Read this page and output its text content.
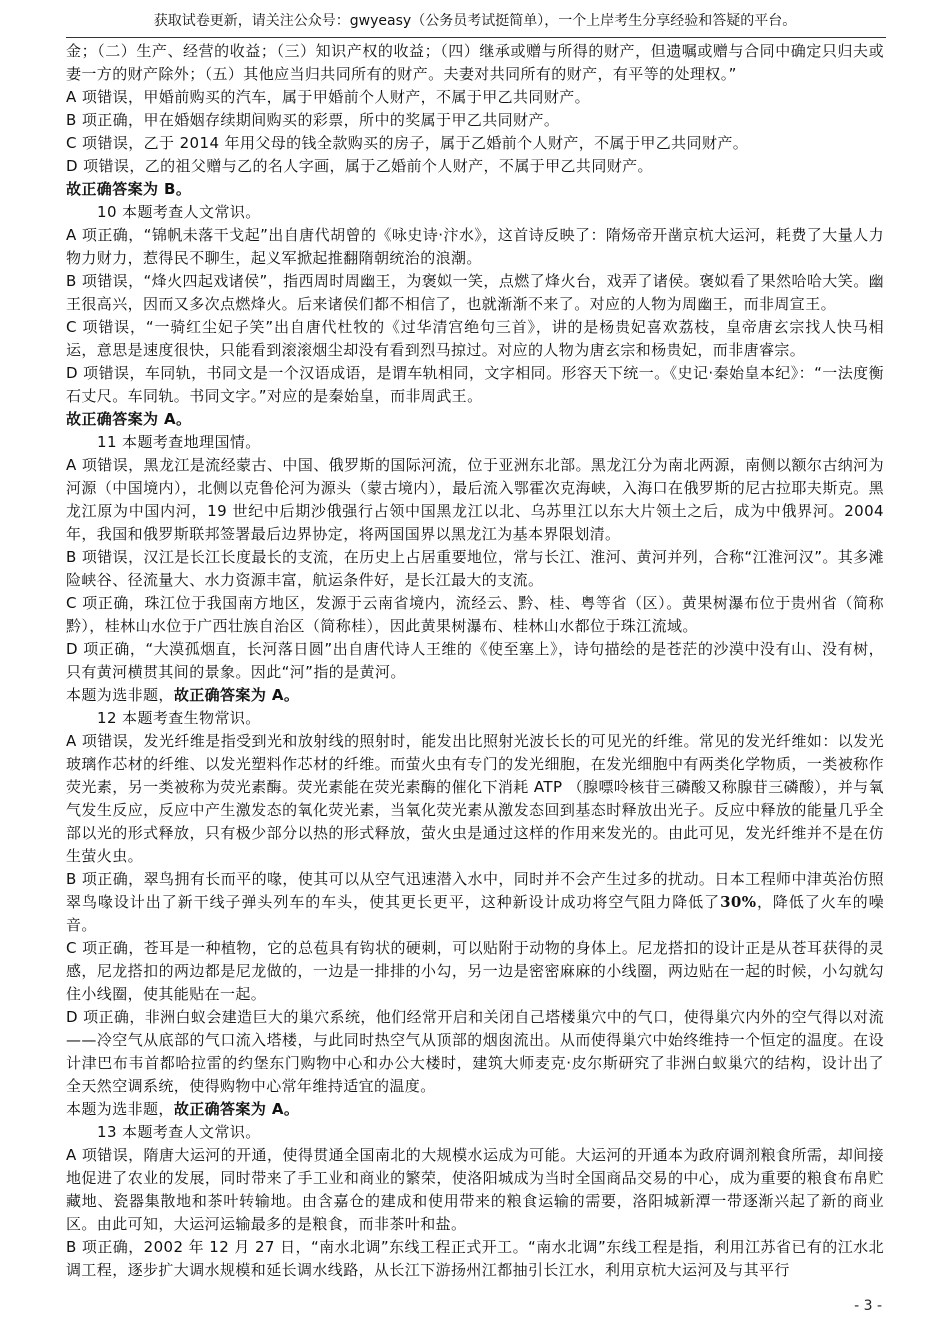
获取试卷更新，请关注公众号：gwyeasy（公务员考试挺简单），一个上岸考生分享经验和答疑的平台。

金；（二）生产、经营的收益；（三）知识产权的收益；（四）继承或赠与所得的财产，但遗嘱或赠与合同中确定只归夫或妻一方的财产除外；（五）其他应当归共同所有的财产。夫妻对共同所有的财产，有平等的处理权。”

A 项错误，甲婚前购买的汽车，属于甲婚前个人财产，不属于甲乙共同财产。

B 项正确，甲在婚姻存续期间购买的彩票，所中的奖属于甲乙共同财产。

C 项错误，乙于 2014 年用父母的钱全款购买的房子，属于乙婚前个人财产，不属于甲乙共同财产。

D 项错误，乙的祖父赠与乙的名人字画，属于乙婚前个人财产，不属于甲乙共同财产。

故正确答案为 B。

10 本题考查人文常识。

A 项正确，“锦帆未落干戈起”出自唐代胡曾的《咏史诗·汴水》，这首诗反映了：隋炀帝开凿京杭大运河，耗费了大量人力物力财力，惹得民不聊生，起义军掀起推翻隋朝统治的浪潮。

B 项错误，“烽火四起戏诸侯”，指西周时周幽王，为褒姒一笑，点燃了烽火台，戏弄了诸侯。褒姒看了果然哈哈大笑。幽王很高兴，因而又多次点燃烽火。后来诸侯们都不相信了，也就渐渐不来了。对应的人物为周幽王，而非周宣王。

C 项错误，“一骑红尘妃子笑”出自唐代杜牧的《过华清宫绝句三首》，讲的是杨贵妃喜欢荔枝，皇帝唐玄宗找人快马相运，意思是速度很快，只能看到滚滚烟尘却没有看到烈马掠过。对应的人物为唐玄宗和杨贵妃，而非唐睿宗。

D 项错误，车同轨，书同文是一个汉语成语，是谓车轨相同，文字相同。形容天下统一。《史记·秦始皇本纪》：“一法度衡石丈尺。车同轨。书同文字。”对应的是秦始皇，而非周武王。

故正确答案为 A。

11 本题考查地理国情。

A 项错误，黑龙江是流经蒙古、中国、俄罗斯的国际河流，位于亚洲东北部。黑龙江分为南北两源，南侧以额尔古纳河为河源（中国境内），北侧以克鲁伦河为源头（蒙古境内），最后流入鄂霍次克海峡，入海口在俄罗斯的尼古拉耶夫斯克。黑龙江原为中国内河，19 世纪中后期沙俄强行占领中国黑龙江以北、乌苏里江以东大片领土之后，成为中俄界河。2004 年，我国和俄罗斯联邦签署最后边界协定，将两国国界以黑龙江为基本界限划清。

B 项错误，汉江是长江长度最长的支流，在历史上占居重要地位，常与长江、淮河、黄河并列，合称“江淮河汉”。其多滩险峡谷、径流量大、水力资源丰富，航运条件好，是长江最大的支流。

C 项正确，珠江位于我国南方地区，发源于云南省境内，流经云、黔、桂、粤等省（区）。黄果树瀑布位于贵州省（简称黔），桂林山水位于广西壮族自治区（简称桂），因此黄果树瀑布、桂林山水都位于珠江流域。

D 项正确，“大漠孤烟直，长河落日圆”出自唐代诗人王维的《使至塞上》，诗句描绘的是苍茫的沙漠中没有山、没有树，只有黄河横贯其间的景象。因此“河”指的是黄河。

本题为选非题，故正确答案为 A。

12 本题考查生物常识。

A 项错误，发光纤维是指受到光和放射线的照射时，能发出比照射光波长长的可见光的纤维。常见的发光纤维如：以发光玻璃作芯材的纤维、以发光塑料作芯材的纤维。而萤火虫有专门的发光细胞，在发光细胞中有两类化学物质，一类被称作荧光素，另一类被称为荧光素酶。荧光素能在荧光素酶的催化下消耗 ATP （腺嘌呤核苷三磷酸又称腺苷三磷酸），并与氧气发生反应，反应中产生激发态的氧化荧光素，当氧化荧光素从激发态回到基态时释放出光子。反应中释放的能量几乎全部以光的形式释放，只有极少部分以热的形式释放，萤火虫是通过这样的作用来发光的。由此可见，发光纤维并不是在仿生萤火虫。

B 项正确，翠鸟拥有长而平的喙，使其可以从空气迅速潜入水中，同时并不会产生过多的扰动。日本工程师中津英治仿照翠鸟喙设计出了新干线子弹头列车的车头，使其更长更平，这种新设计成功将空气阻力降低了30%，降低了火车的噪音。

C 项正确，苍耳是一种植物，它的总苞具有钩状的硬刺，可以贴附于动物的身体上。尼龙搭扣的设计正是从苍耳获得的灵感，尼龙搭扣的两边都是尼龙做的，一边是一排排的小勾，另一边是密密麻麻的小线圈，两边贴在一起的时候，小勾就勾住小线圈，使其能贴在一起。

D 项正确，非洲白蚁会建造巨大的巢穴系统，他们经常开启和关闭自己塔楼巢穴中的气口，使得巢穴内外的空气得以对流——冷空气从底部的气口流入塔楼，与此同时热空气从顶部的烟囱流出。从而使得巢穴中始终维持一个恒定的温度。在设计津巴布韦首都哈拉雷的约堡东门购物中心和办公大楼时，建筑大师麦克·皮尔斯研究了非洲白蚁巢穴的结构，设计出了全天然空调系统，使得购物中心常年维持适宜的温度。

本题为选非题，故正确答案为 A。

13 本题考查人文常识。

A 项错误，隋唐大运河的开通，使得贯通全国南北的大规模水运成为可能。大运河的开通本为政府调剂粮食所需，却间接地促进了农业的发展，同时带来了手工业和商业的繁荣，使洛阳城成为当时全国商品交易的中心，成为重要的粮食布帛贮藏地、瓷器集散地和茶叶转输地。由含嘉仓的建成和使用带来的粮食运输的需要，洛阳城新潭一带逐渐兴起了新的商业区。由此可知，大运河运输最多的是粮食，而非茶叶和盐。

B 项正确，2002 年 12 月 27 日，“南水北调”东线工程正式开工。“南水北调”东线工程是指，利用江苏省已有的江水北调工程，逐步扩大调水规模和延长调水线路，从长江下游扬州江都抽引长江水，利用京杭大运河及与其平行

- 3 -
